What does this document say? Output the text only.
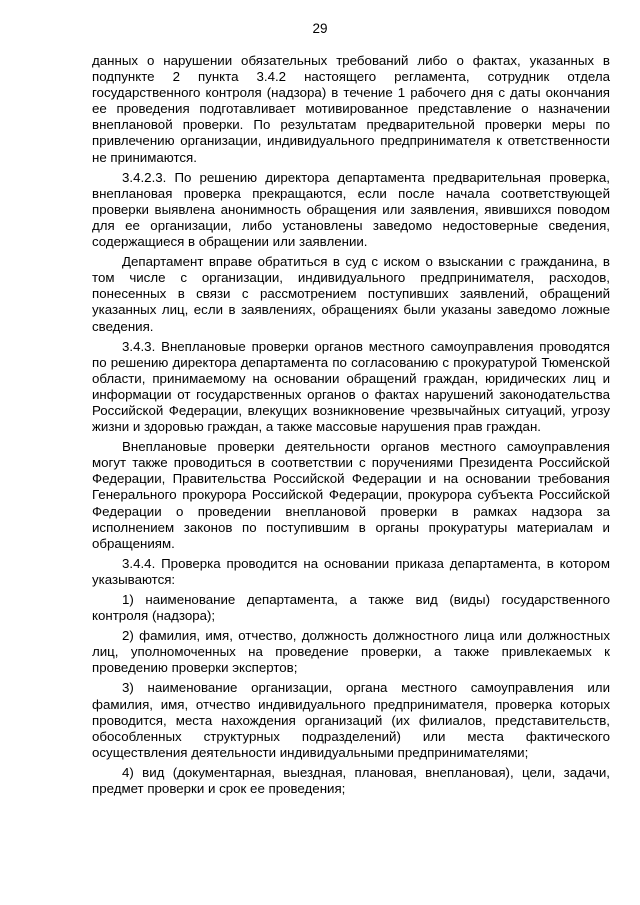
29

данных о нарушении обязательных требований либо о фактах, указанных в подпункте 2 пункта 3.4.2 настоящего регламента, сотрудник отдела государственного контроля (надзора) в течение 1 рабочего дня с даты окончания ее проведения подготавливает мотивированное представление о назначении внеплановой проверки. По результатам предварительной проверки меры по привлечению организации, индивидуального предпринимателя к ответственности не принимаются.

3.4.2.3. По решению директора департамента предварительная проверка, внеплановая проверка прекращаются, если после начала соответствующей проверки выявлена анонимность обращения или заявления, явившихся поводом для ее организации, либо установлены заведомо недостоверные сведения, содержащиеся в обращении или заявлении.

Департамент вправе обратиться в суд с иском о взыскании с гражданина, в том числе с организации, индивидуального предпринимателя, расходов, понесенных в связи с рассмотрением поступивших заявлений, обращений указанных лиц, если в заявлениях, обращениях были указаны заведомо ложные сведения.

3.4.3. Внеплановые проверки органов местного самоуправления проводятся по решению директора департамента по согласованию с прокуратурой Тюменской области, принимаемому на основании обращений граждан, юридических лиц и информации от государственных органов о фактах нарушений законодательства Российской Федерации, влекущих возникновение чрезвычайных ситуаций, угрозу жизни и здоровью граждан, а также массовые нарушения прав граждан.

Внеплановые проверки деятельности органов местного самоуправления могут также проводиться в соответствии с поручениями Президента Российской Федерации, Правительства Российской Федерации и на основании требования Генерального прокурора Российской Федерации, прокурора субъекта Российской Федерации о проведении внеплановой проверки в рамках надзора за исполнением законов по поступившим в органы прокуратуры материалам и обращениям.

3.4.4. Проверка проводится на основании приказа департамента, в котором указываются:

1) наименование департамента, а также вид (виды) государственного контроля (надзора);

2) фамилия, имя, отчество, должность должностного лица или должностных лиц, уполномоченных на проведение проверки, а также привлекаемых к проведению проверки экспертов;

3) наименование организации, органа местного самоуправления или фамилия, имя, отчество индивидуального предпринимателя, проверка которых проводится, места нахождения организаций (их филиалов, представительств, обособленных структурных подразделений) или места фактического осуществления деятельности индивидуальными предпринимателями;

4) вид (документарная, выездная, плановая, внеплановая), цели, задачи, предмет проверки и срок ее проведения;
